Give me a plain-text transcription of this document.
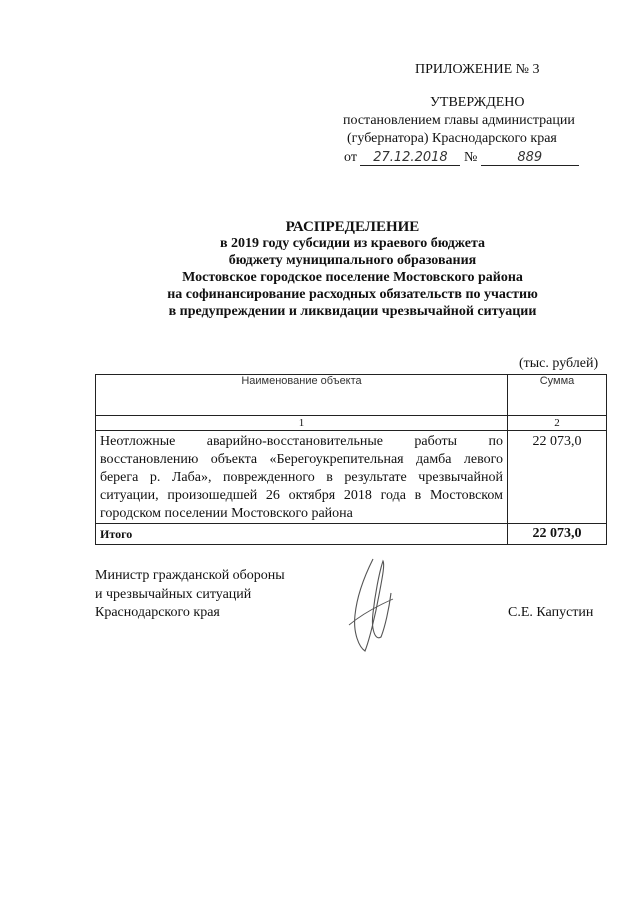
ПРИЛОЖЕНИЕ № 3
УТВЕРЖДЕНО
постановлением главы администрации
(губернатора) Краснодарского края
от 27.12.2018 №	889
РАСПРЕДЕЛЕНИЕ
в 2019 году субсидии из краевого бюджета
бюджету муниципального образования
Мостовское городское поселение Мостовского района
на софинансирование расходных обязательств по участию
в предупреждении и ликвидации чрезвычайной ситуации
(тыс. рублей)
Наименование объекта	Сумма
1	2
Неотложные аварийно-восстановительные работы по восстановлению объекта «Берегоукрепительная дамба левого берега р. Лаба», поврежденного в результате чрезвычайной ситуации, произошедшей 26 октября 2018 года в Мостовском городском поселении Мостовского района	22 073,0
Итого	22 073,0
Министр гражданской обороны
и чрезвычайных ситуаций
Краснодарского края	С.Е. Капустин
